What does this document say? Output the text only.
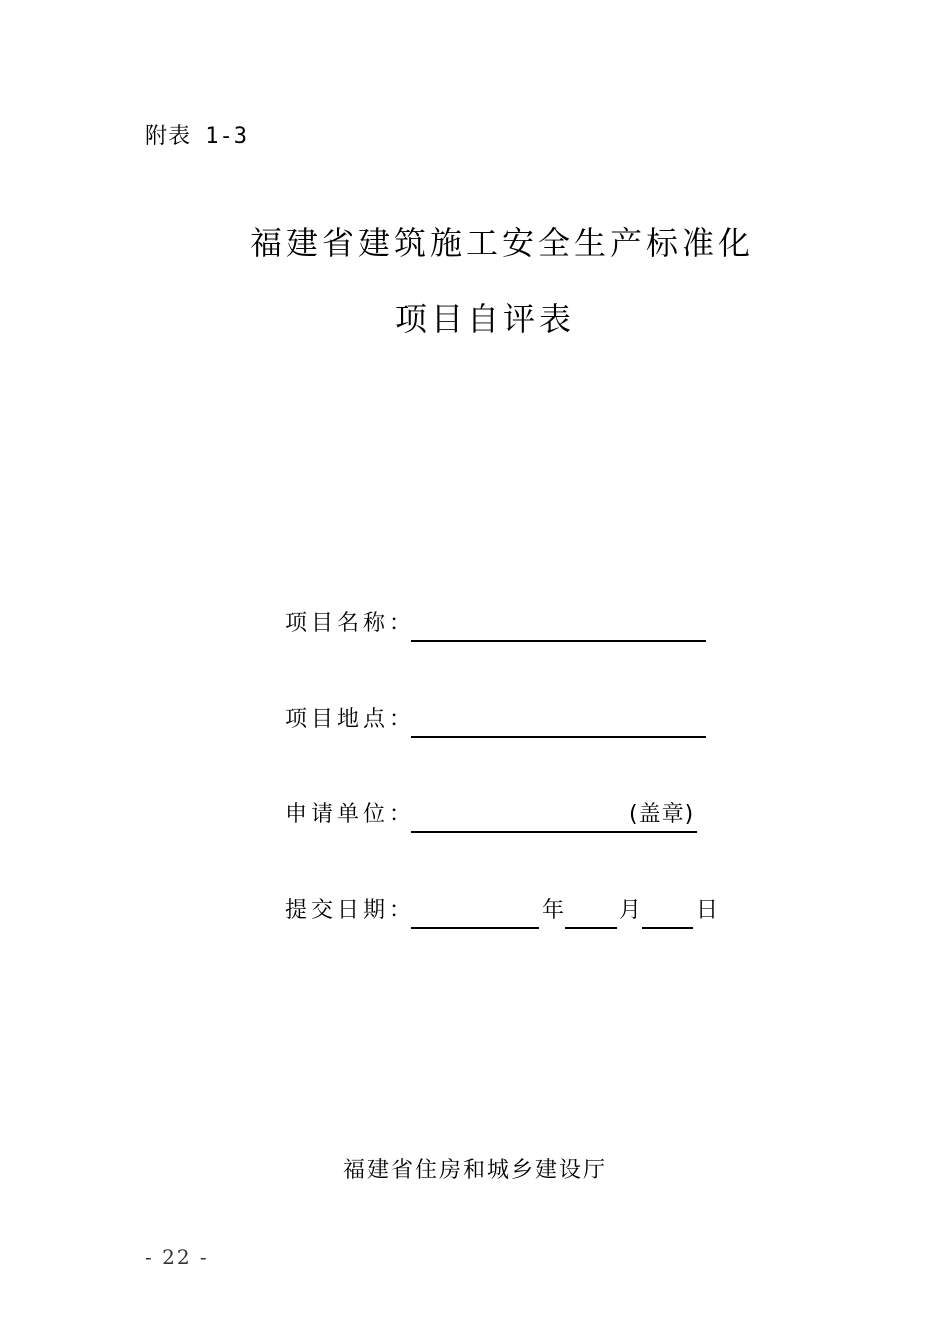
附表 1-3
福建省建筑施工安全生产标准化
项目自评表
项目名称：
项目地点：
申请单位：	(盖章)
提交日期：	年 月 日
福建省住房和城乡建设厅
- 22 -
